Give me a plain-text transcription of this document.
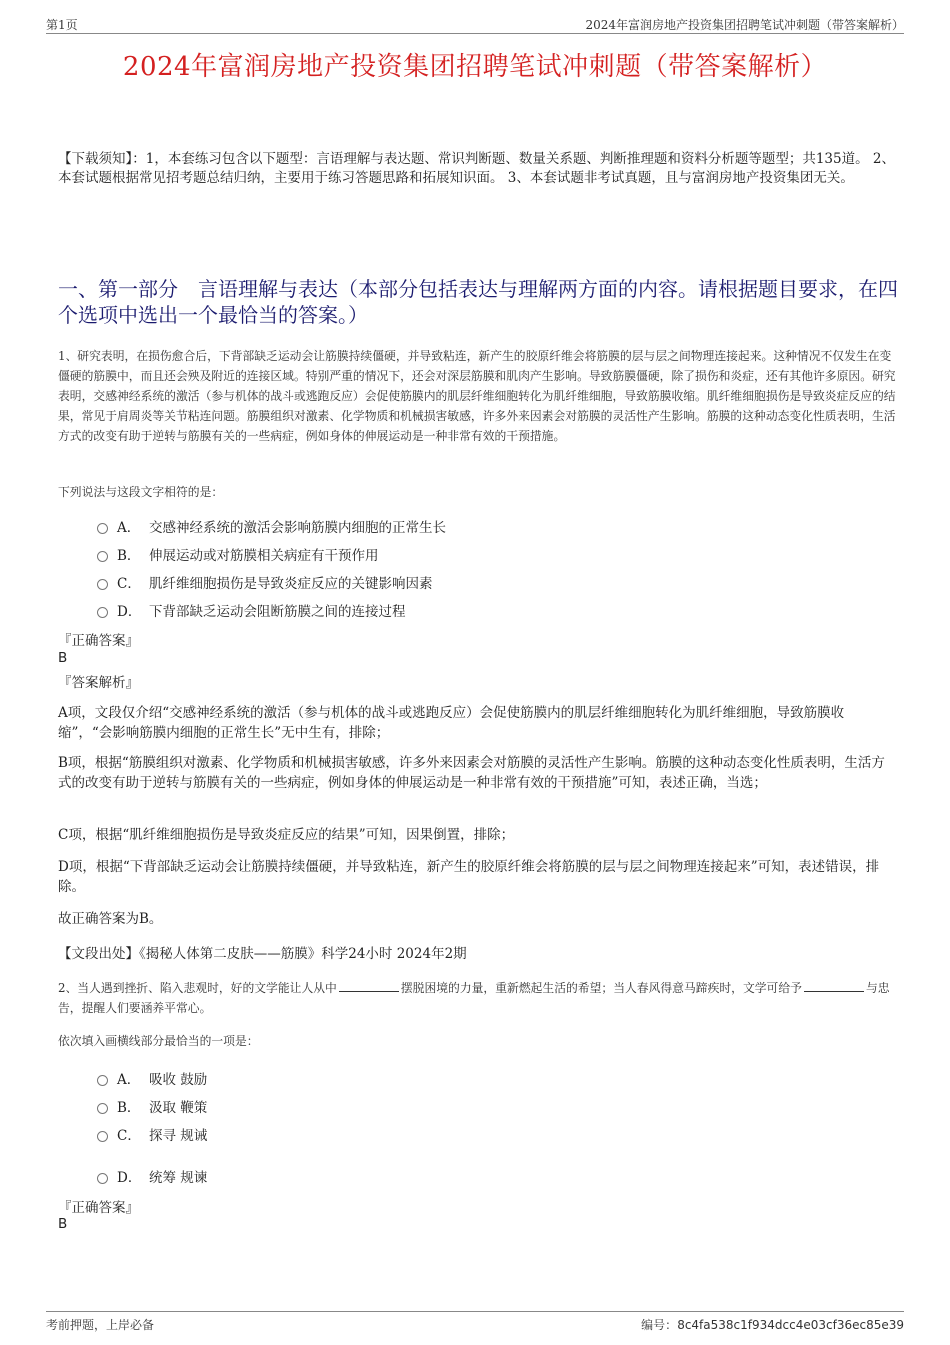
第1页	2024年富润房地产投资集团招聘笔试冲刺题（带答案解析）
2024年富润房地产投资集团招聘笔试冲刺题（带答案解析）
【下载须知】：1，本套练习包含以下题型：言语理解与表达题、常识判断题、数量关系题、判断推理题和资料分析题等题型；共135道。 2、本套试题根据常见招考题总结归纳，主要用于练习答题思路和拓展知识面。 3、本套试题非考试真题，且与富润房地产投资集团无关。
一、第一部分　言语理解与表达（本部分包括表达与理解两方面的内容。请根据题目要求，在四个选项中选出一个最恰当的答案。）
1、研究表明，在损伤愈合后，下背部缺乏运动会让筋膜持续僵硬，并导致粘连，新产生的胶原纤维会将筋膜的层与层之间物理连接起来。这种情况不仅发生在变僵硬的筋膜中，而且还会殃及附近的连接区域。特别严重的情况下，还会对深层筋膜和肌肉产生影响。导致筋膜僵硬，除了损伤和炎症，还有其他许多原因。研究表明，交感神经系统的激活（参与机体的战斗或逃跑反应）会促使筋膜内的肌层纤维细胞转化为肌纤维细胞，导致筋膜收缩。肌纤维细胞损伤是导致炎症反应的结果，常见于肩周炎等关节粘连问题。筋膜组织对激素、化学物质和机械损害敏感，许多外来因素会对筋膜的灵活性产生影响。筋膜的这种动态变化性质表明，生活方式的改变有助于逆转与筋膜有关的一些病症，例如身体的伸展运动是一种非常有效的干预措施。
下列说法与这段文字相符的是：
A． 交感神经系统的激活会影响筋膜内细胞的正常生长
B． 伸展运动或对筋膜相关病症有干预作用
C． 肌纤维细胞损伤是导致炎症反应的关键影响因素
D． 下背部缺乏运动会阻断筋膜之间的连接过程
『正确答案』
B
『答案解析』
A项，文段仅介绍“交感神经系统的激活（参与机体的战斗或逃跑反应）会促使筋膜内的肌层纤维细胞转化为肌纤维细胞，导致筋膜收缩”，“会影响筋膜内细胞的正常生长”无中生有，排除；
B项，根据“筋膜组织对激素、化学物质和机械损害敏感，许多外来因素会对筋膜的灵活性产生影响。筋膜的这种动态变化性质表明，生活方式的改变有助于逆转与筋膜有关的一些病症，例如身体的伸展运动是一种非常有效的干预措施”可知，表述正确，当选；
C项，根据“肌纤维细胞损伤是导致炎症反应的结果”可知，因果倒置，排除；
D项，根据“下背部缺乏运动会让筋膜持续僵硬，并导致粘连，新产生的胶原纤维会将筋膜的层与层之间物理连接起来”可知，表述错误，排除。
故正确答案为B。
【文段出处】《揭秘人体第二皮肤——筋膜》科学24小时 2024年2期
2、当人遇到挫折、陷入悲观时，好的文学能让人从中	摆脱困境的力量，重新燃起生活的希望；当人春风得意马蹄疾时，文学可给予	与忠告，提醒人们要涵养平常心。
依次填入画横线部分最恰当的一项是：
A． 吸收 鼓励
B． 汲取 鞭策
C． 探寻 规诫
D． 统筹 规谏
『正确答案』
B
考前押题，上岸必备	编号：8c4fa538c1f934dcc4e03cf36ec85e39
